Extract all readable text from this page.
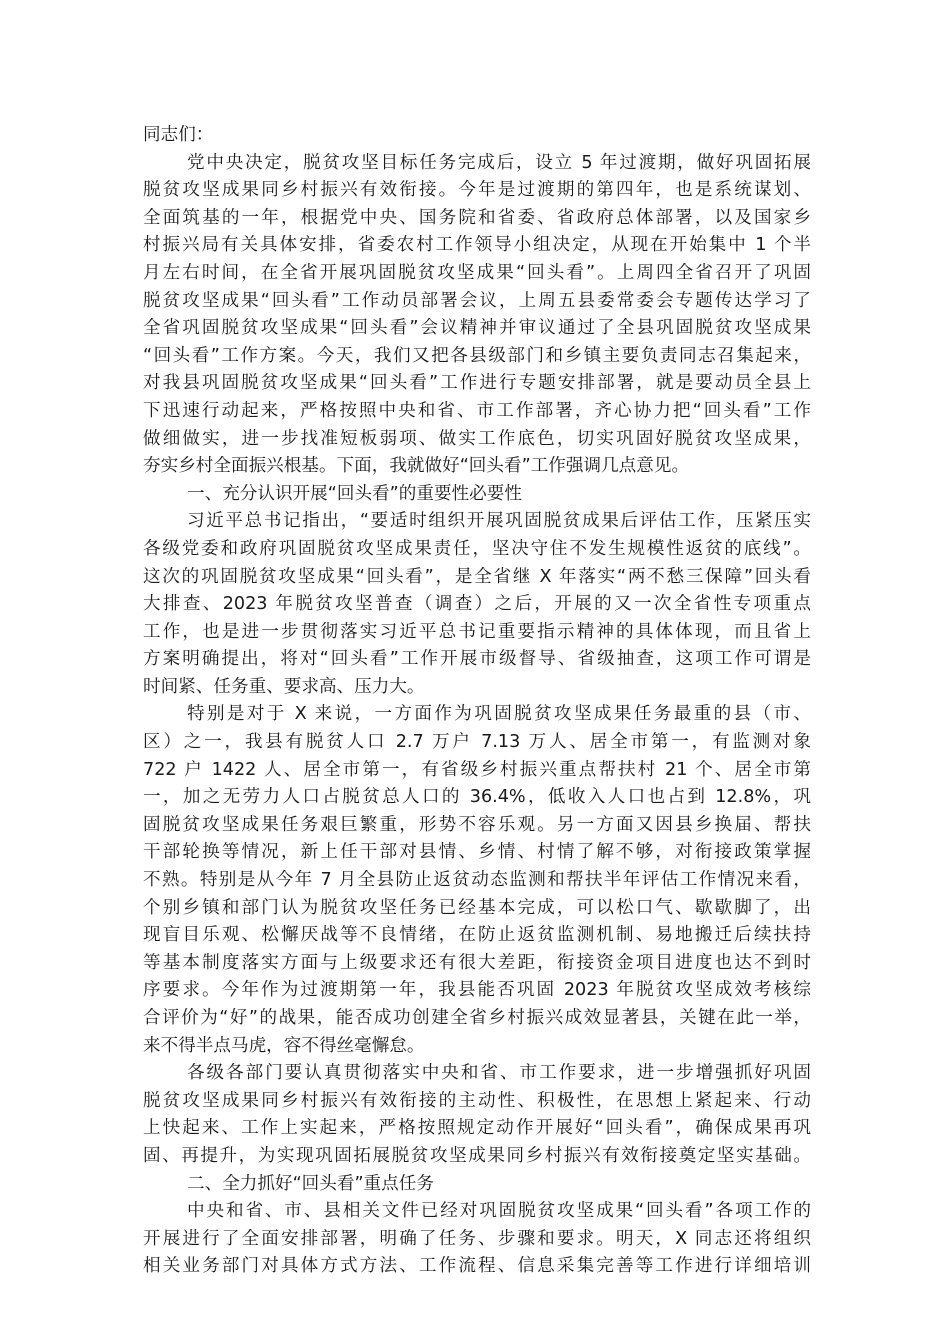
同志们：
党中央决定，脱贫攻坚目标任务完成后，设立 5 年过渡期，做好巩固拓展
脱贫攻坚成果同乡村振兴有效衔接。今年是过渡期的第四年，也是系统谋划、
全面筑基的一年，根据党中央、国务院和省委、省政府总体部署，以及国家乡
村振兴局有关具体安排，省委农村工作领导小组决定，从现在开始集中 1 个半
月左右时间，在全省开展巩固脱贫攻坚成果“回头看”。上周四全省召开了巩固
脱贫攻坚成果“回头看”工作动员部署会议，上周五县委常委会专题传达学习了
全省巩固脱贫攻坚成果“回头看”会议精神并审议通过了全县巩固脱贫攻坚成果
“回头看”工作方案。今天，我们又把各县级部门和乡镇主要负责同志召集起来，
对我县巩固脱贫攻坚成果“回头看”工作进行专题安排部署，就是要动员全县上
下迅速行动起来，严格按照中央和省、市工作部署，齐心协力把“回头看”工作
做细做实，进一步找准短板弱项、做实工作底色，切实巩固好脱贫攻坚成果，
夯实乡村全面振兴根基。下面，我就做好“回头看”工作强调几点意见。
一、充分认识开展“回头看”的重要性必要性
习近平总书记指出，“要适时组织开展巩固脱贫成果后评估工作，压紧压实
各级党委和政府巩固脱贫攻坚成果责任，坚决守住不发生规模性返贫的底线”。
这次的巩固脱贫攻坚成果“回头看”，是全省继 X 年落实“两不愁三保障”回头看
大排查、2023 年脱贫攻坚普查（调查）之后，开展的又一次全省性专项重点
工作，也是进一步贯彻落实习近平总书记重要指示精神的具体体现，而且省上
方案明确提出，将对“回头看”工作开展市级督导、省级抽查，这项工作可谓是
时间紧、任务重、要求高、压力大。
特别是对于 X 来说，一方面作为巩固脱贫攻坚成果任务最重的县（市、
区）之一，我县有脱贫人口 2.7 万户 7.13 万人、居全市第一，有监测对象
722 户 1422 人、居全市第一，有省级乡村振兴重点帮扶村 21 个、居全市第
一，加之无劳力人口占脱贫总人口的 36.4%，低收入人口也占到 12.8%，巩
固脱贫攻坚成果任务艰巨繁重，形势不容乐观。另一方面又因县乡换届、帮扶
干部轮换等情况，新上任干部对县情、乡情、村情了解不够，对衔接政策掌握
不熟。特别是从今年 7 月全县防止返贫动态监测和帮扶半年评估工作情况来看，
个别乡镇和部门认为脱贫攻坚任务已经基本完成，可以松口气、歇歇脚了，出
现盲目乐观、松懈厌战等不良情绪，在防止返贫监测机制、易地搬迁后续扶持
等基本制度落实方面与上级要求还有很大差距，衔接资金项目进度也达不到时
序要求。今年作为过渡期第一年，我县能否巩固 2023 年脱贫攻坚成效考核综
合评价为“好”的战果，能否成功创建全省乡村振兴成效显著县，关键在此一举，
来不得半点马虎，容不得丝毫懈怠。
各级各部门要认真贯彻落实中央和省、市工作要求，进一步增强抓好巩固
脱贫攻坚成果同乡村振兴有效衔接的主动性、积极性，在思想上紧起来、行动
上快起来、工作上实起来，严格按照规定动作开展好“回头看”，确保成果再巩
固、再提升，为实现巩固拓展脱贫攻坚成果同乡村振兴有效衔接奠定坚实基础。
二、全力抓好“回头看”重点任务
中央和省、市、县相关文件已经对巩固脱贫攻坚成果“回头看”各项工作的
开展进行了全面安排部署，明确了任务、步骤和要求。明天，X 同志还将组织
相关业务部门对具体方式方法、工作流程、信息采集完善等工作进行详细培训
